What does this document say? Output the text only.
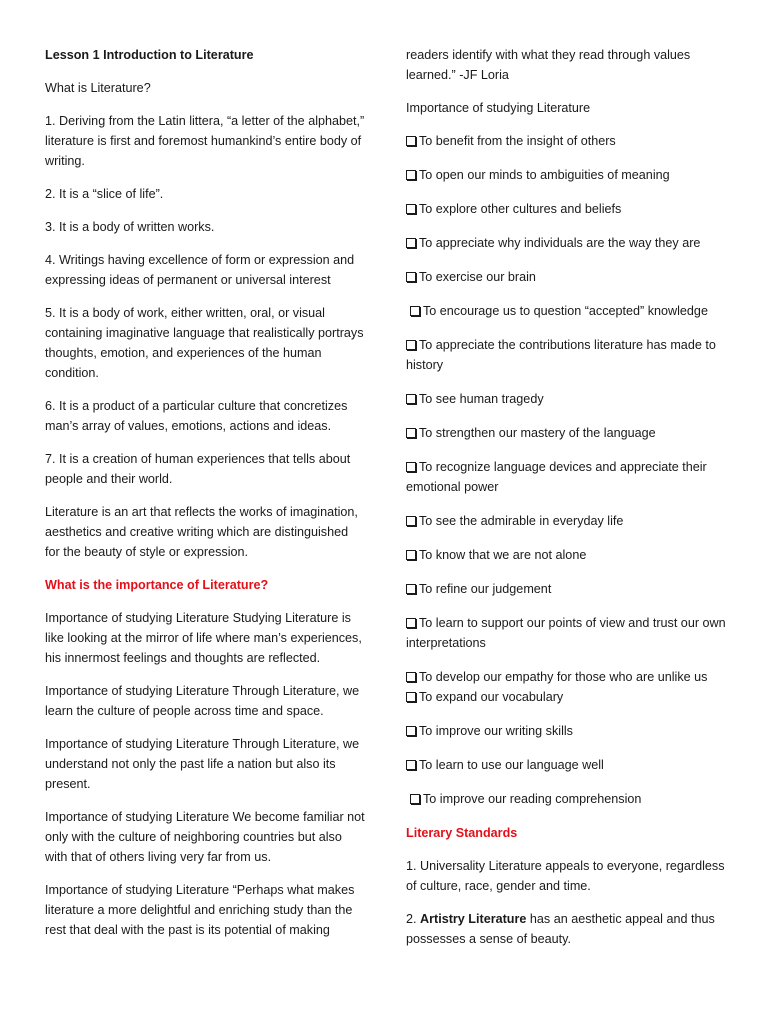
Lesson 1 Introduction to Literature

What is Literature?

1. Deriving from the Latin littera, “a letter of the alphabet,” literature is first and foremost humankind’s entire body of writing.

2. It is a “slice of life”.

3. It is a body of written works.

4. Writings having excellence of form or expression and expressing ideas of permanent or universal interest

5. It is a body of work, either written, oral, or visual containing imaginative language that realistically portrays thoughts, emotion, and experiences of the human condition.

6. It is a product of a particular culture that concretizes man’s array of values, emotions, actions and ideas.

7. It is a creation of human experiences that tells about people and their world.

Literature is an art that reflects the works of imagination, aesthetics and creative writing which are distinguished for the beauty of style or expression.

What is the importance of Literature?

Importance of studying Literature Studying Literature is like looking at the mirror of life where man’s experiences, his innermost feelings and thoughts are reflected.

Importance of studying Literature Through Literature, we learn the culture of people across time and space.

Importance of studying Literature Through Literature, we understand not only the past life a nation but also its present.

Importance of studying Literature We become familiar not only with the culture of neighboring countries but also with that of others living very far from us.

Importance of studying Literature “Perhaps what makes literature a more delightful and enriching study than the rest that deal with the past is its potential of making

readers identify with what they read through values learned.” -JF Loria

Importance of studying Literature

To benefit from the insight of others

To open our minds to ambiguities of meaning

To explore other cultures and beliefs

To appreciate why individuals are the way they are

To exercise our brain

To encourage us to question “accepted” knowledge

To appreciate the contributions literature has made to history

To see human tragedy

To strengthen our mastery of the language

To recognize language devices and appreciate their emotional power

To see the admirable in everyday life

To know that we are not alone

To refine our judgement

To learn to support our points of view and trust our own interpretations

To develop our empathy for those who are unlike us

To expand our vocabulary

To improve our writing skills

To learn to use our language well

To improve our reading comprehension

Literary Standards

1. Universality Literature appeals to everyone, regardless of culture, race, gender and time.

2. Artistry Literature has an aesthetic appeal and thus possesses a sense of beauty.
